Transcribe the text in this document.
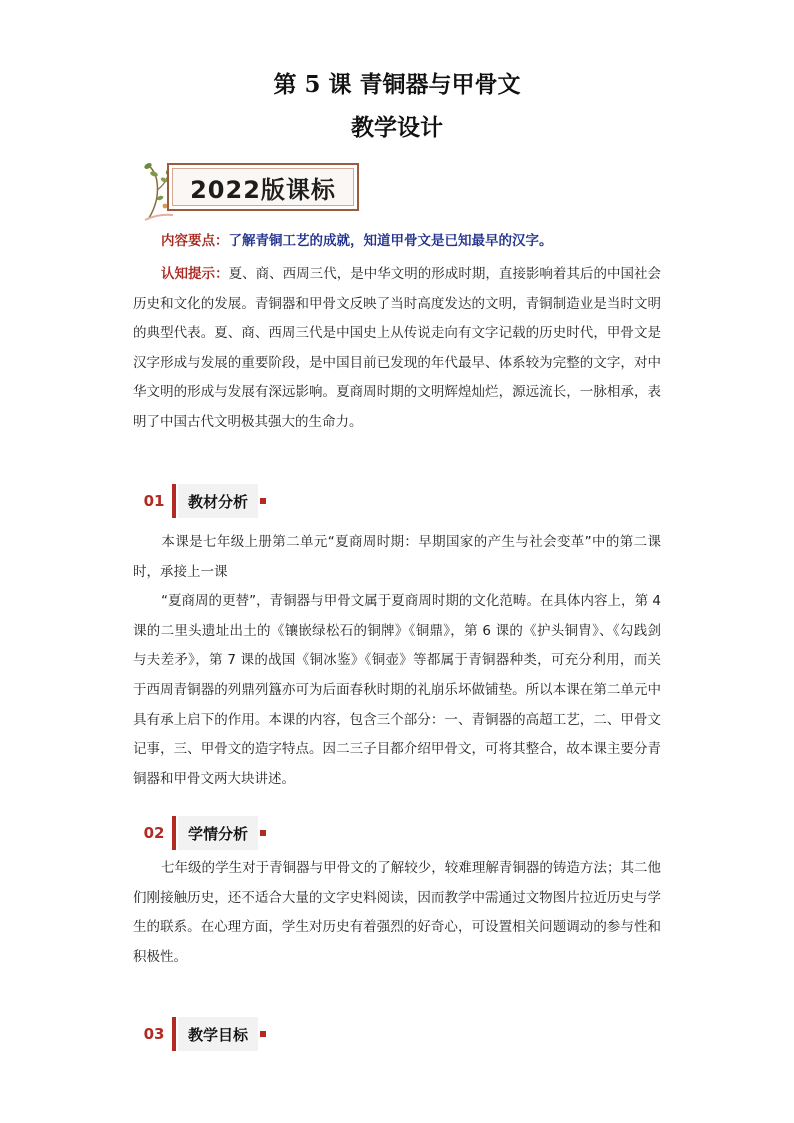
第 5 课 青铜器与甲骨文
教学设计
2022版课标
内容要点：了解青铜工艺的成就，知道甲骨文是已知最早的汉字。
认知提示：夏、商、西周三代，是中华文明的形成时期，直接影响着其后的中国社会历史和文化的发展。青铜器和甲骨文反映了当时高度发达的文明，青铜制造业是当时文明的典型代表。夏、商、西周三代是中国史上从传说走向有文字记载的历史时代，甲骨文是汉字形成与发展的重要阶段，是中国目前已发现的年代最早、体系较为完整的文字，对中华文明的形成与发展有深远影响。夏商周时期的文明辉煌灿烂，源远流长，一脉相承，表明了中国古代文明极其强大的生命力。
01	教材分析
本课是七年级上册第二单元“夏商周时期：早期国家的产生与社会变革”中的第二课时，承接上一课
“夏商周的更替”，青铜器与甲骨文属于夏商周时期的文化范畴。在具体内容上，第 4 课的二里头遗址出土的《镶嵌绿松石的铜牌》《铜鼎》，第 6 课的《护头铜胄》、《勾践剑与夫差矛》，第 7 课的战国《铜冰鉴》《铜壶》等都属于青铜器种类，可充分利用，而关于西周青铜器的列鼎列簋亦可为后面春秋时期的礼崩乐坏做铺垫。所以本课在第二单元中具有承上启下的作用。本课的内容，包含三个部分：一、青铜器的高超工艺，二、甲骨文记事，三、甲骨文的造字特点。因二三子目都介绍甲骨文，可将其整合，故本课主要分青铜器和甲骨文两大块讲述。
02	学情分析
七年级的学生对于青铜器与甲骨文的了解较少，较难理解青铜器的铸造方法；其二他们刚接触历史，还不适合大量的文字史料阅读，因而教学中需通过文物图片拉近历史与学生的联系。在心理方面，学生对历史有着强烈的好奇心，可设置相关问题调动的参与性和积极性。
03	教学目标
